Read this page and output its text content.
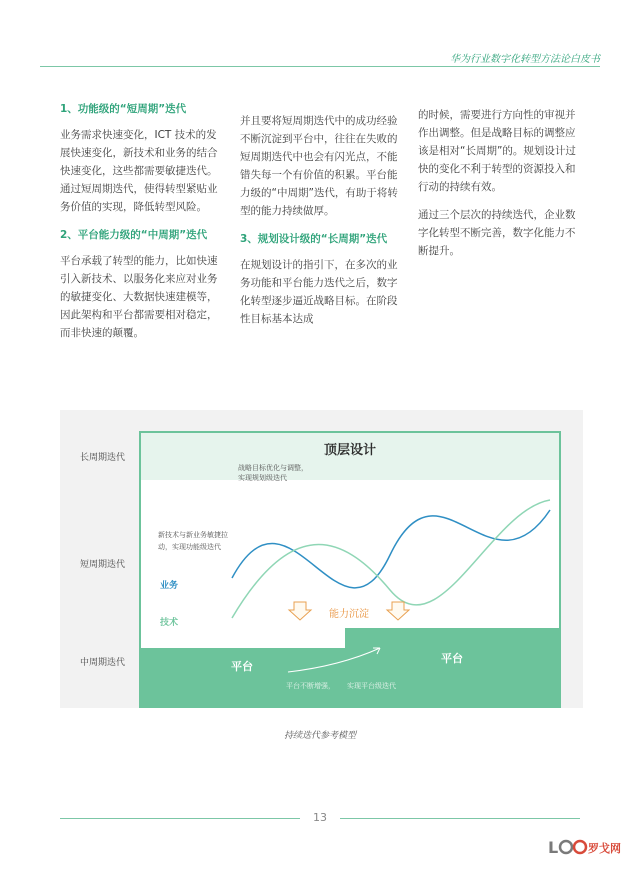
华为行业数字化转型方法论白皮书
1、功能级的“短周期”迭代

业务需求快速变化，ICT 技术的发展快速变化，新技术和业务的结合快速变化，这些都需要敏捷迭代。通过短周期迭代，使得转型紧贴业务价值的实现，降低转型风险。

2、平台能力级的“中周期”迭代

平台承载了转型的能力，比如快速引入新技术、以服务化来应对业务的敏捷变化、大数据快速建模等，因此架构和平台都需要相对稳定，而非快速的颠覆。

并且要将短周期迭代中的成功经验不断沉淀到平台中，往往在失败的短周期迭代中也会有闪光点，不能错失每一个有价值的积累。平台能力级的“中周期”迭代，有助于将转型的能力持续做厚。

3、规划设计级的“长周期”迭代

在规划设计的指引下，在多次的业务功能和平台能力迭代之后，数字化转型逐步逼近战略目标。在阶段性目标基本达成

的时候，需要进行方向性的审视并作出调整。但是战略目标的调整应该是相对“长周期”的。规划设计过快的变化不利于转型的资源投入和行动的持续有效。

通过三个层次的持续迭代，企业数字化转型不断完善，数字化能力不断提升。

顶层设计
战略目标优化与调整，
实现规划级迭代
长周期迭代
短周期迭代
中周期迭代
新技术与新业务敏捷拉
动，实现功能级迭代
业务
技术
能力沉淀
平台
平台
平台不断增强， 实现平台级迭代
持续迭代参考模型
13
L	罗戈网
